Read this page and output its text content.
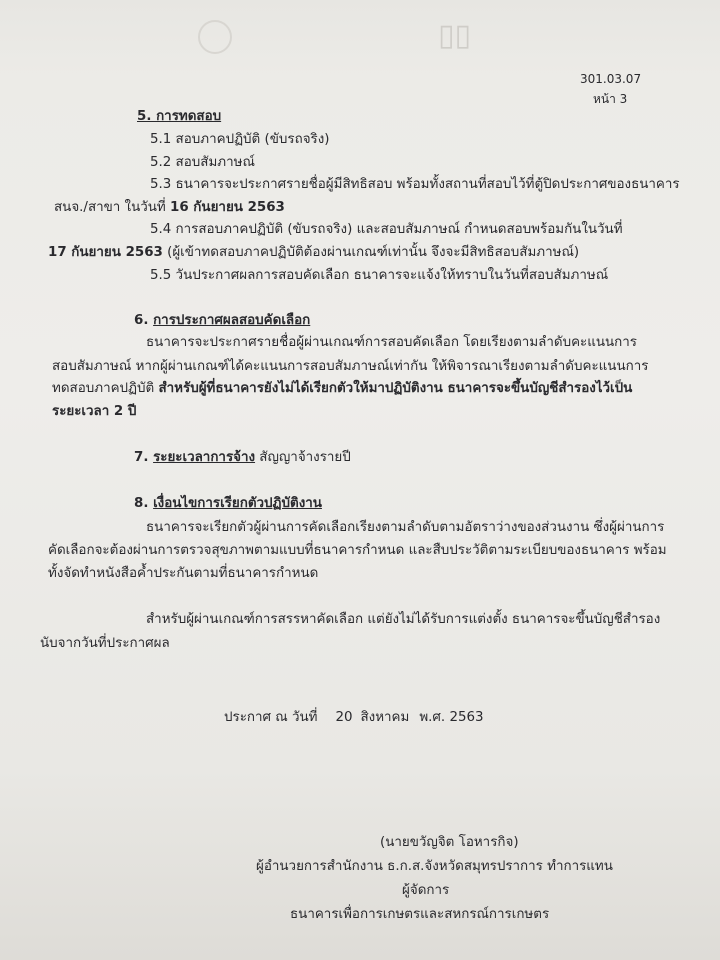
▯▯
301.03.07
หน้า 3
5. การทดสอบ
5.1 สอบภาคปฏิบัติ (ขับรถจริง)
5.2 สอบสัมภาษณ์
5.3 ธนาคารจะประกาศรายชื่อผู้มีสิทธิสอบ พร้อมทั้งสถานที่สอบไว้ที่ตู้ปิดประกาศของธนาคาร
สนจ./สาขา ในวันที่ 16 กันยายน 2563
5.4 การสอบภาคปฏิบัติ (ขับรถจริง) และสอบสัมภาษณ์ กำหนดสอบพร้อมกันในวันที่
17 กันยายน 2563 (ผู้เข้าทดสอบภาคปฏิบัติต้องผ่านเกณฑ์เท่านั้น จึงจะมีสิทธิสอบสัมภาษณ์)
5.5 วันประกาศผลการสอบคัดเลือก ธนาคารจะแจ้งให้ทราบในวันที่สอบสัมภาษณ์
6. การประกาศผลสอบคัดเลือก
ธนาคารจะประกาศรายชื่อผู้ผ่านเกณฑ์การสอบคัดเลือก โดยเรียงตามลำดับคะแนนการ
สอบสัมภาษณ์ หากผู้ผ่านเกณฑ์ได้คะแนนการสอบสัมภาษณ์เท่ากัน ให้พิจารณาเรียงตามลำดับคะแนนการ
ทดสอบภาคปฏิบัติ สำหรับผู้ที่ธนาคารยังไม่ได้เรียกตัวให้มาปฏิบัติงาน ธนาคารจะขึ้นบัญชีสำรองไว้เป็น
ระยะเวลา 2 ปี
7. ระยะเวลาการจ้าง สัญญาจ้างรายปี
8. เงื่อนไขการเรียกตัวปฏิบัติงาน
ธนาคารจะเรียกตัวผู้ผ่านการคัดเลือกเรียงตามลำดับตามอัตราว่างของส่วนงาน ซึ่งผู้ผ่านการ
คัดเลือกจะต้องผ่านการตรวจสุขภาพตามแบบที่ธนาคารกำหนด และสืบประวัติตามระเบียบของธนาคาร พร้อม
ทั้งจัดทำหนังสือค้ำประกันตามที่ธนาคารกำหนด
สำหรับผู้ผ่านเกณฑ์การสรรหาคัดเลือก แต่ยังไม่ได้รับการแต่งตั้ง ธนาคารจะขึ้นบัญชีสำรอง
นับจากวันที่ประกาศผล
ประกาศ ณ วันที่ 20 สิงหาคม พ.ศ. 2563
(นายขวัญจิต โอหารกิจ)
ผู้อำนวยการสำนักงาน ธ.ก.ส.จังหวัดสมุทรปราการ ทำการแทน
ผู้จัดการ
ธนาคารเพื่อการเกษตรและสหกรณ์การเกษตร
